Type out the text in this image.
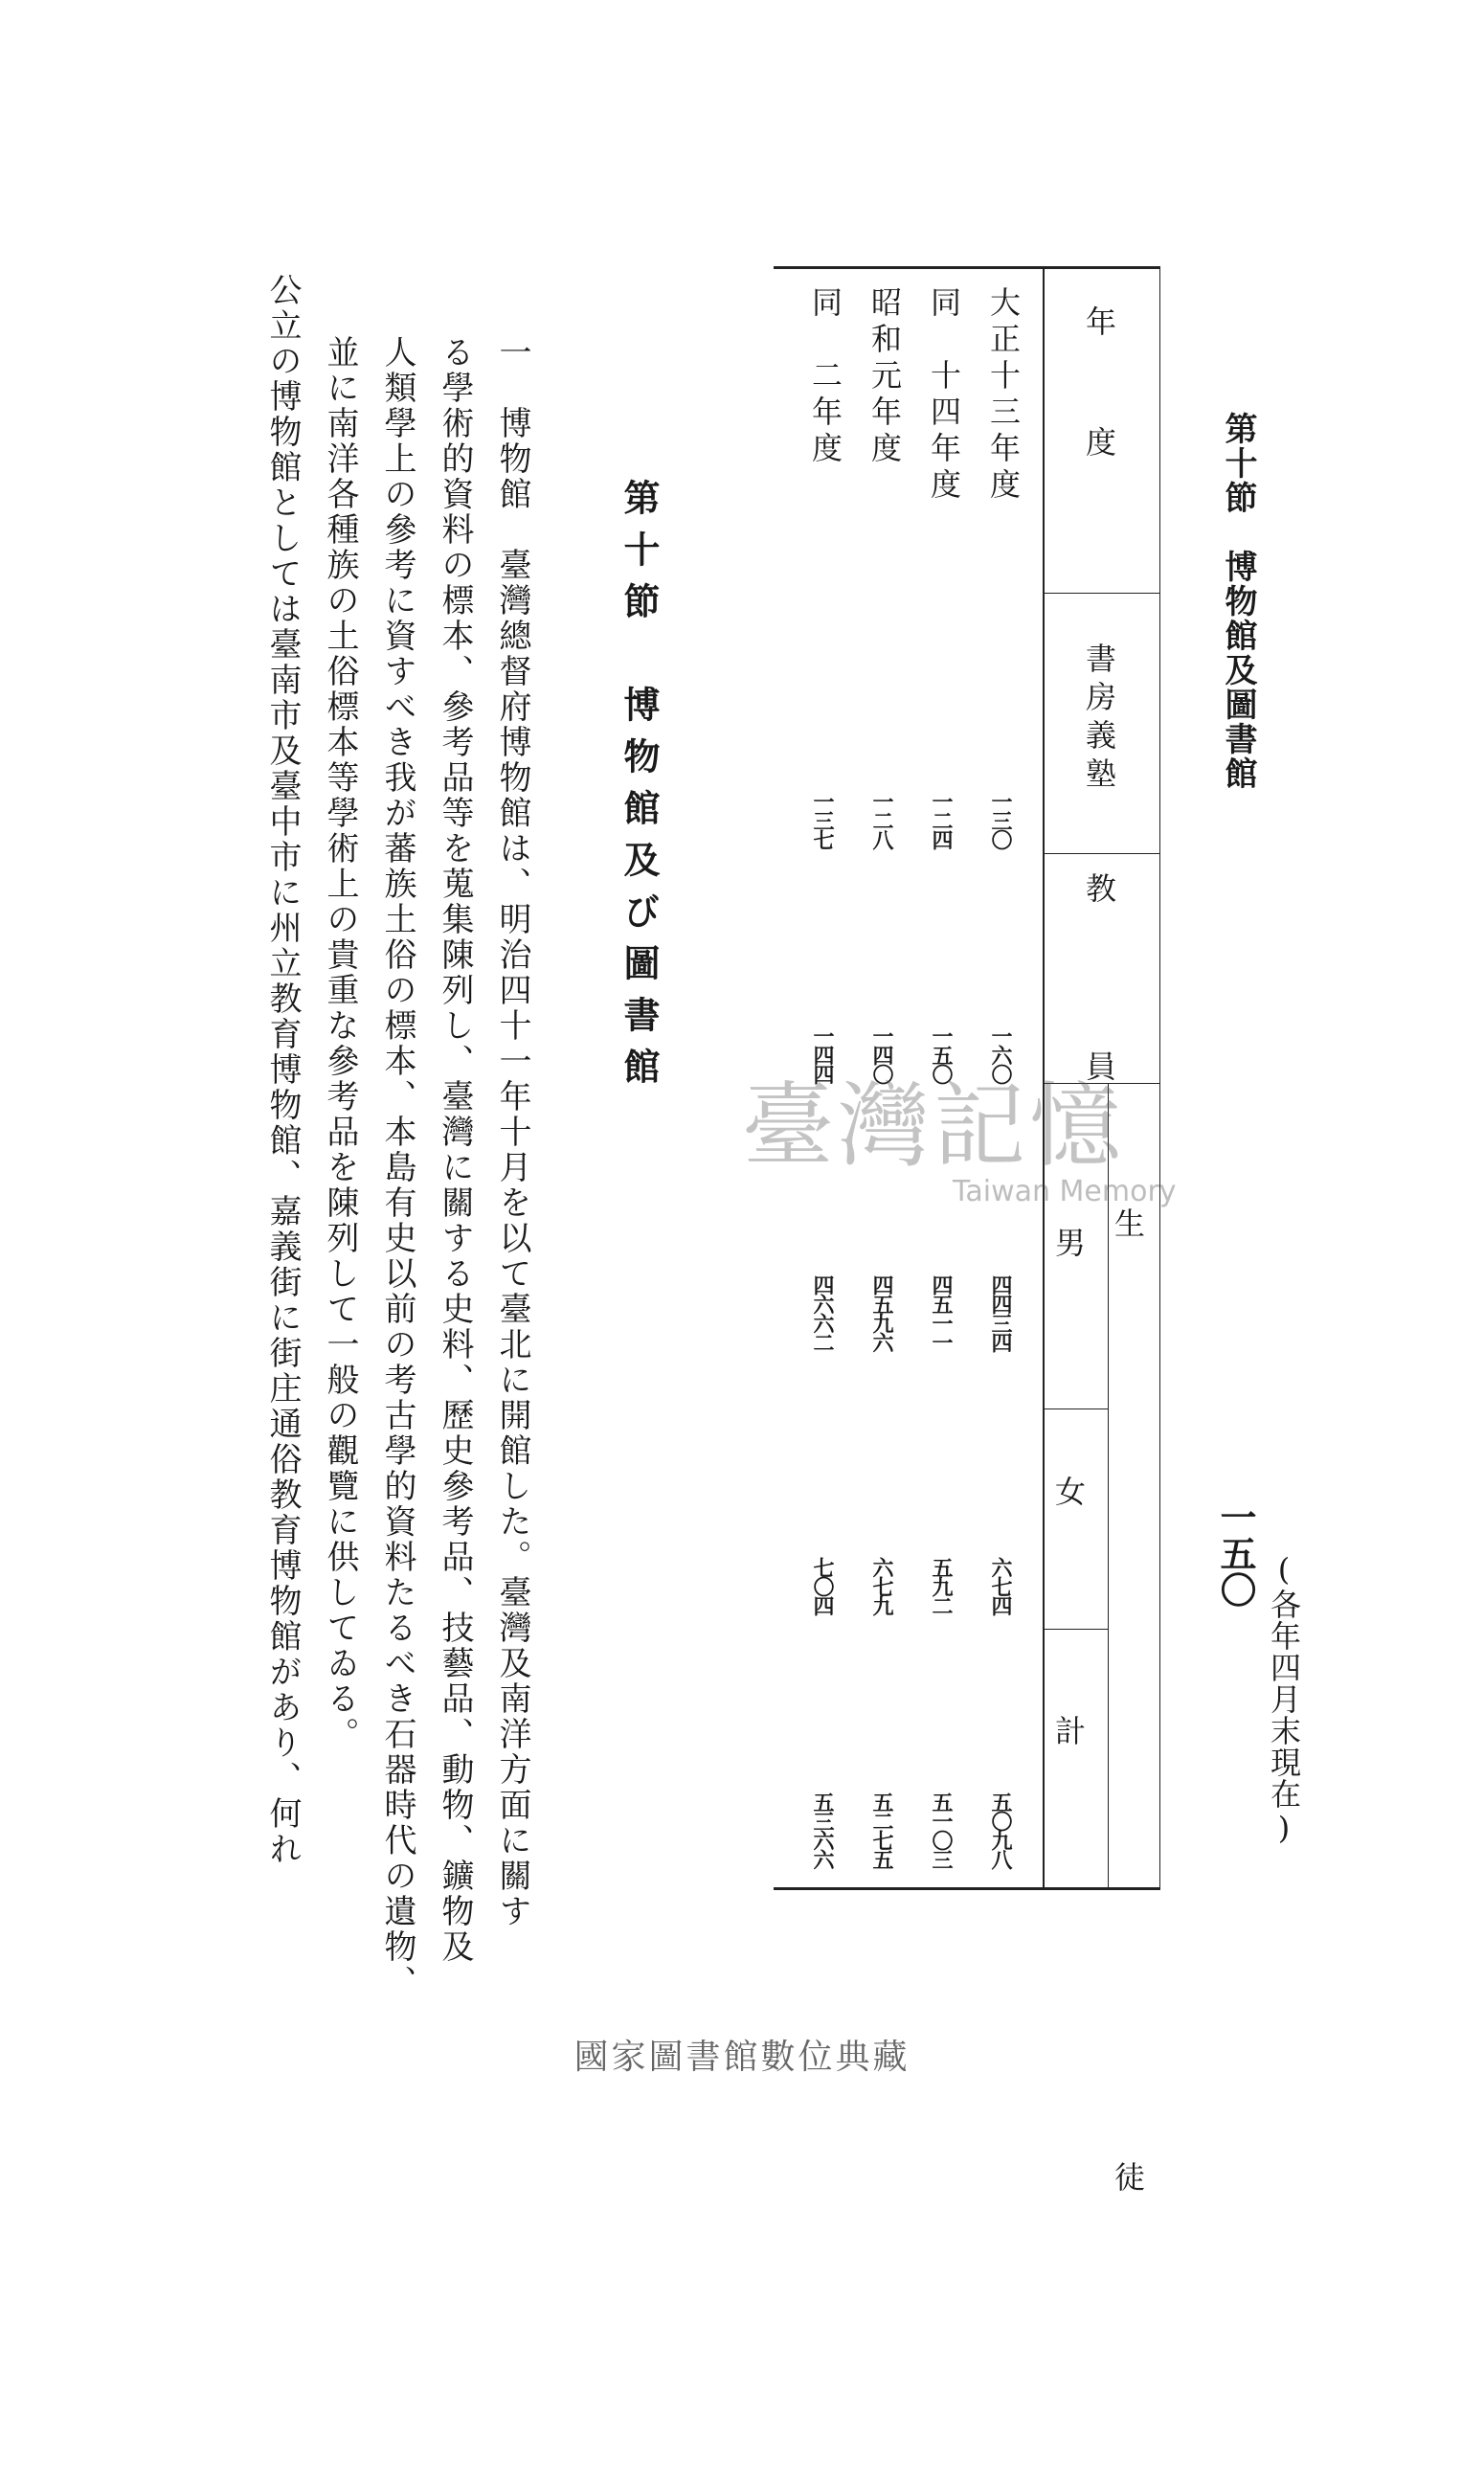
第十節　博物館及圖書館
一五〇 (各年四月末現在)
年　　度
書房義塾
教　　員
生　　徒
男
女
計
大正十三年度
一三〇
一六〇
四四三四
六七四
五〇九八
同　十四年度
一二四
一五〇
四五一一
五九二
五一〇三
昭和元年度
一二八
一四〇
四五九六
六七九
五二七五
同　二年度
一三七
一四四
四六六二
七〇四
五三六六
第十節　博物館及び圖書館
一　博物館　臺灣總督府博物館は、明治四十一年十月を以て臺北に開館した。臺灣及南洋方面に關す
る學術的資料の標本、參考品等を蒐集陳列し、臺灣に關する史料、歷史參考品、技藝品、動物、鑛物及
人類學上の參考に資すべき我が蕃族土俗の標本、本島有史以前の考古學的資料たるべき石器時代の遺物、
並に南洋各種族の土俗標本等學術上の貴重な參考品を陳列して一般の觀覽に供してゐる。
公立の博物館としては臺南市及臺中市に州立教育博物館、嘉義街に街庄通俗教育博物館があり、何れ	臺灣記憶
Taiwan Memory
國家圖書館數位典藏
